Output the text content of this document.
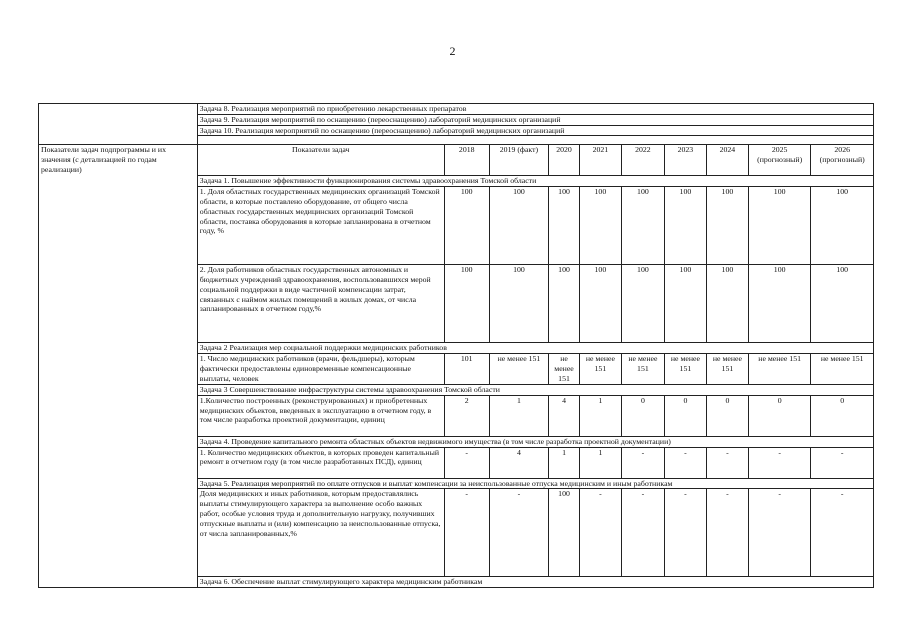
2
	Задача 8. Реализация мероприятий по приобретению лекарственных препаратов									
	Задача 9. Реализация мероприятий по оснащению (переоснащению) лабораторий медицинских организаций									
	Задача 10. Реализация мероприятий по оснащению (переоснащению) лабораторий медицинских организаций									

Показатели задач подпрограммы и их значения (с детализацией по годам реализации)	Показатели задач	2018	2019 (факт)	2020	2021	2022	2023	2024	2025 (прогнозный)	2026 (прогнозный)
	Задача 1. Повышение эффективности функционирования системы здравоохранения Томской области									
	1. Доля областных государственных медицинских организаций Томской области, в которые поставлено оборудование, от общего числа областных государственных медицинских организаций Томской области, поставка оборудования в которые запланирована в отчетном году, %	100	100	100	100	100	100	100	100	100
	2. Доля работников областных государственных автономных и бюджетных учреждений здравоохранения, воспользовавшихся мерой социальной поддержки в виде частичной компенсации затрат, связанных с наймом жилых помещений в жилых домах, от числа запланированных в отчетном году,%	100	100	100	100	100	100	100	100	100
	Задача 2 Реализация мер социальной поддержки медицинских работников									
	1. Число медицинских работников (врачи, фельдшеры), которым фактически предоставлены единовременные компенсационные выплаты, человек	101	не менее 151	не менее 151	не менее 151	не менее 151	не менее 151	не менее 151	не менее 151	не менее 151
	Задача 3 Совершенствование инфраструктуры системы здравоохранения Томской области									
	1.Количество построенных (реконструированных) и приобретенных медицинских объектов, введенных в эксплуатацию в отчетном году, в том числе разработка проектной документации, единиц	2	1	4	1	0	0	0	0	0
	Задача 4. Проведение капитального ремонта областных объектов недвижимого имущества (в том числе разработка проектной документации)									
	1. Количество медицинских объектов, в которых проведен капитальный ремонт в отчетном году (в том числе разработанных ПСД), единиц	-	4	1	1	-	-	-	-	-
	Задача 5. Реализация мероприятий по оплате отпусков и выплат компенсации за неиспользованные отпуска медицинским и иным работникам									
	Доля медицинских и иных работников, которым предоставлялись выплаты стимулирующего характера за выполнение особо важных работ, особые условия труда и дополнительную нагрузку, получивших отпускные выплаты и (или) компенсацию за неиспользованные отпуска, от числа запланированных,%	-	-	100	-	-	-	-	-	-
	Задача 6. Обеспечение выплат стимулирующего характера медицинским работникам									
